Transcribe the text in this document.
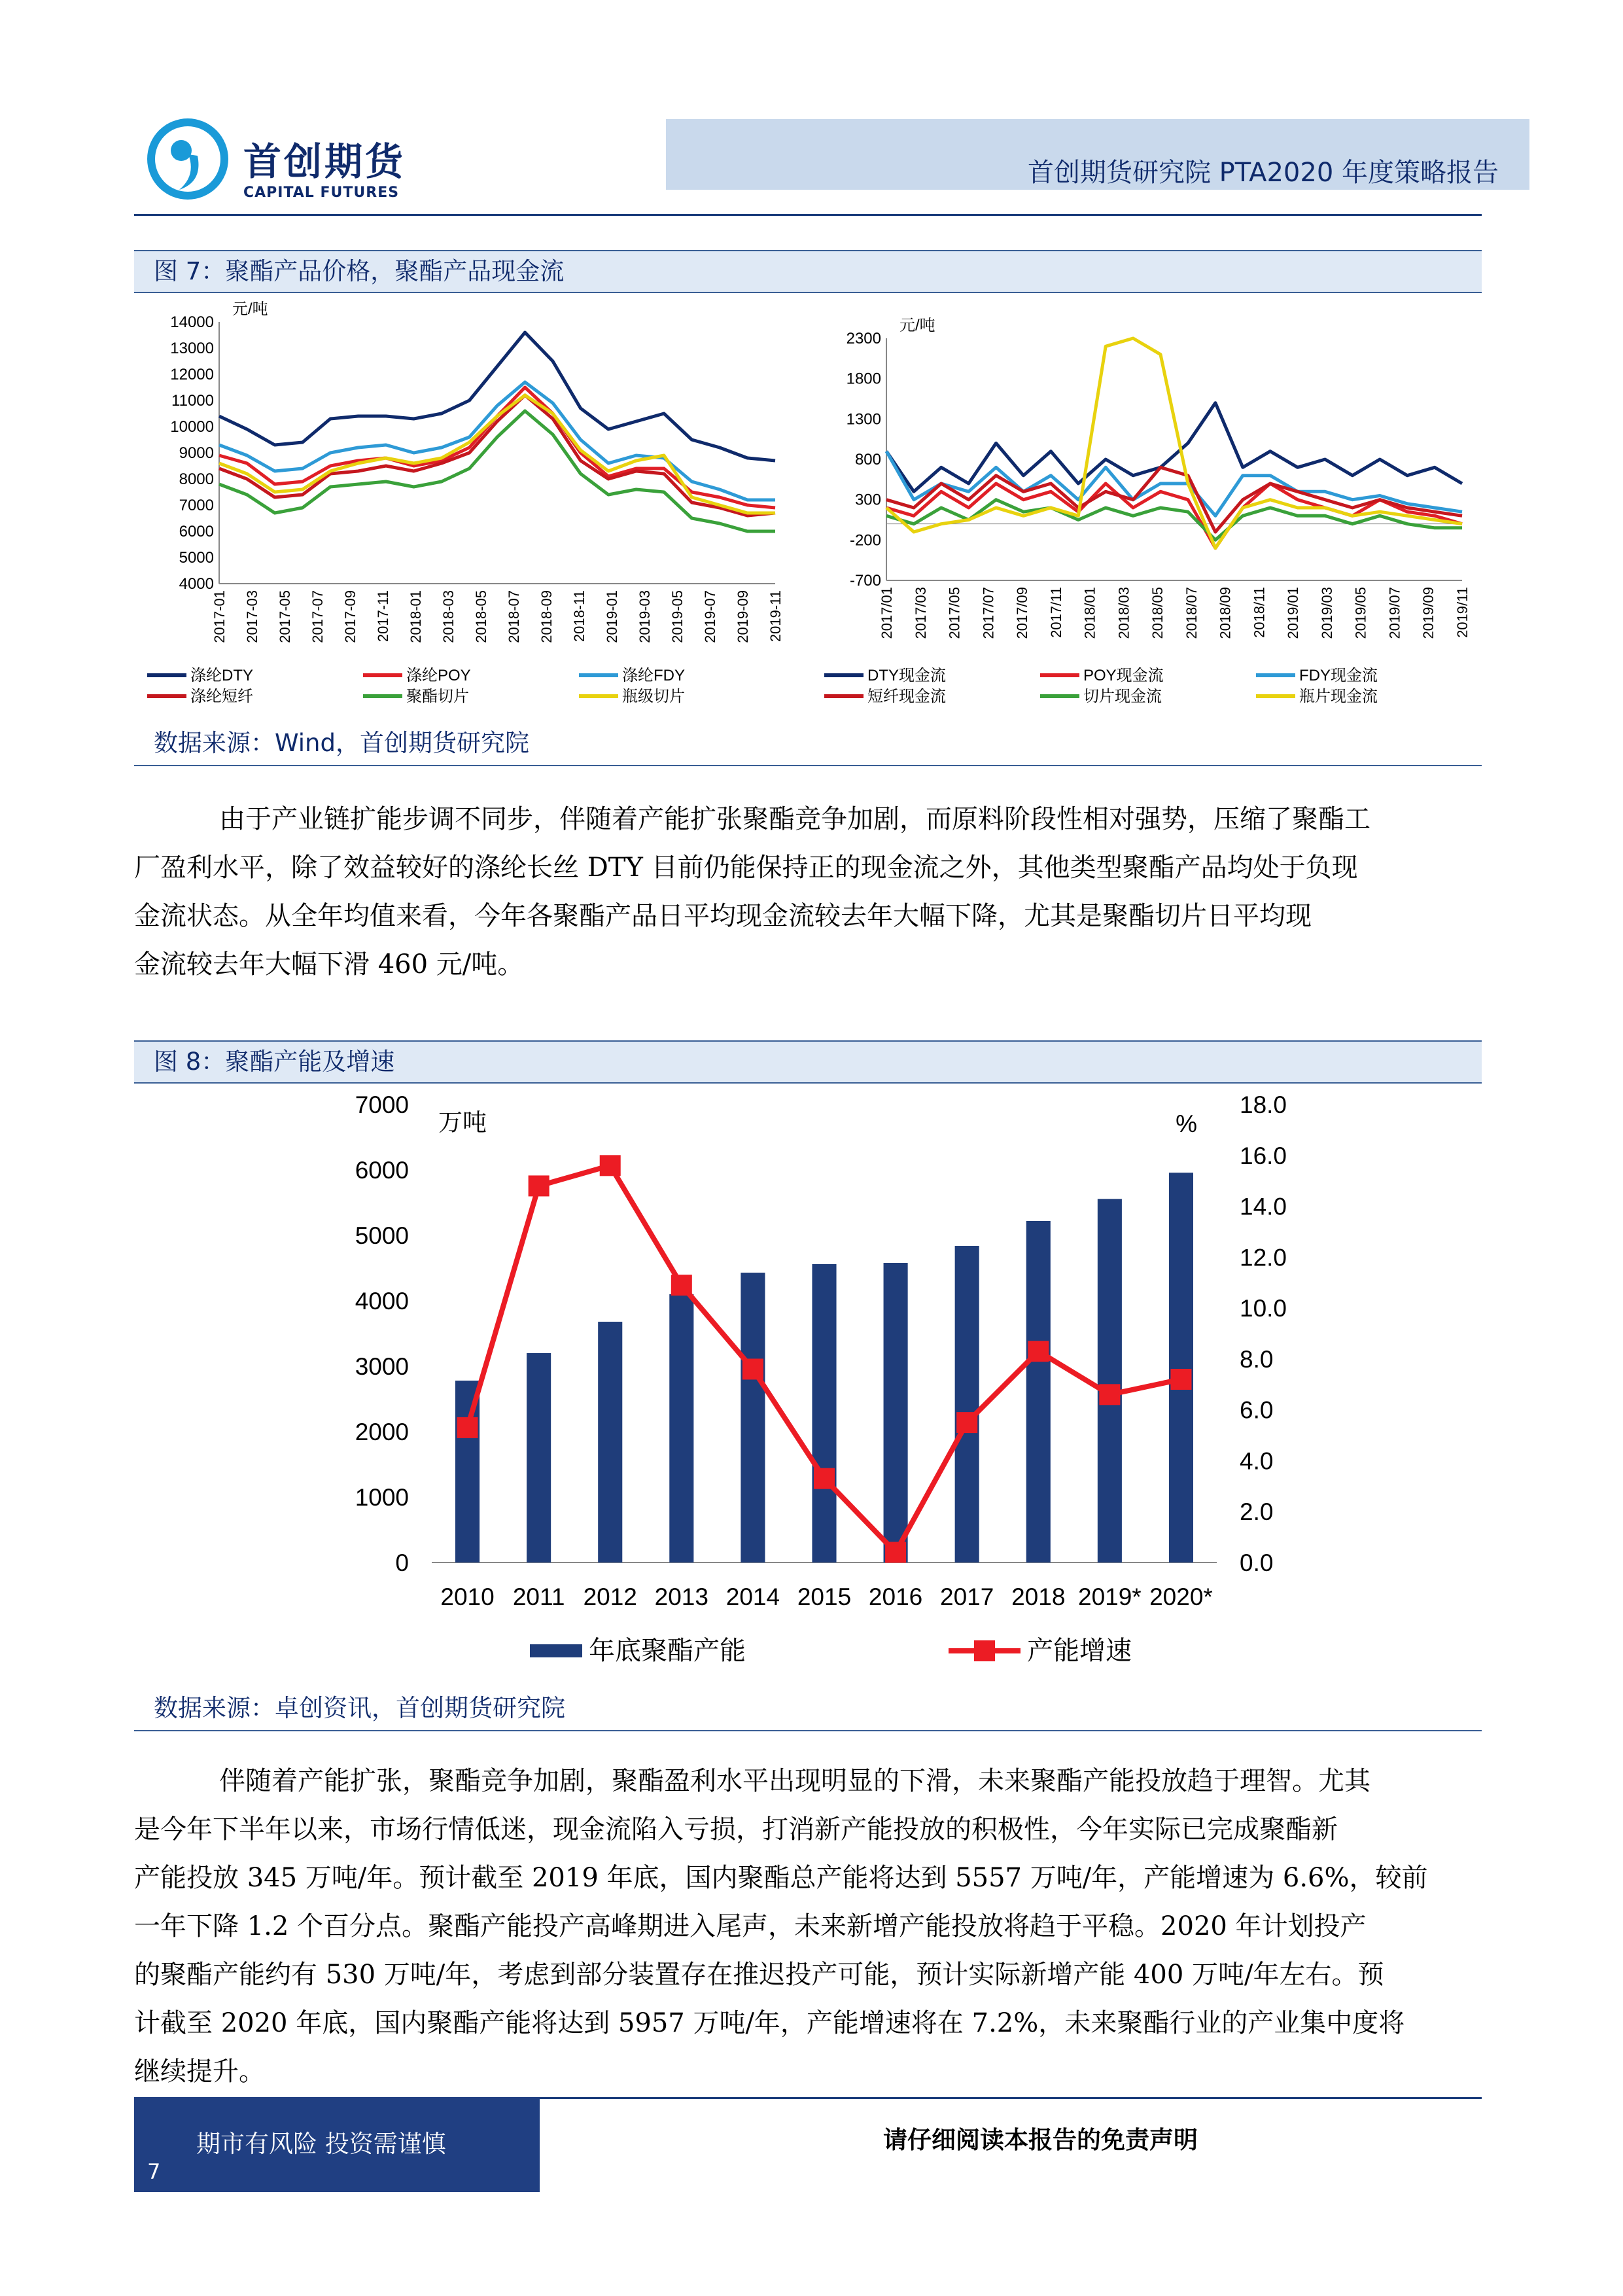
首创期货
CAPITAL FUTURES
首创期货研究院 PTA2020 年度策略报告
图 7：聚酯产品价格，聚酯产品现金流
4000
5000
6000
7000
8000
9000
10000
11000
12000
13000
14000
元/吨
2017-01 2017-03 2017-05 2017-07 2017-09 2017-11 2018-01 2018-03 2018-05 2018-07 2018-09 2018-11 2019-01 2019-03 2019-05 2019-07 2019-09 2019-11
涤纶DTY	涤纶POY	涤纶FDY
涤纶短纤	聚酯切片	瓶级切片
-700
-200
300
800
1300
1800
2300
元/吨
2017/01 2017/03 2017/05 2017/07 2017/09 2017/11 2018/01 2018/03 2018/05 2018/07 2018/09 2018/11 2019/01 2019/03 2019/05 2019/07 2019/09 2019/11
DTY现金流	POY现金流	FDY现金流
短纤现金流	切片现金流	瓶片现金流
数据来源：Wind，首创期货研究院
由于产业链扩能步调不同步，伴随着产能扩张聚酯竞争加剧，而原料阶段性相对强势，压缩了聚酯工
厂盈利水平，除了效益较好的涤纶长丝 DTY 目前仍能保持正的现金流之外，其他类型聚酯产品均处于负现
金流状态。从全年均值来看，今年各聚酯产品日平均现金流较去年大幅下降，尤其是聚酯切片日平均现
金流较去年大幅下滑 460 元/吨。
图 8：聚酯产能及增速
0
1000
2000
3000
4000
5000
6000
7000
0.0
2.0
4.0
6.0
8.0
10.0
12.0
14.0
16.0
18.0
万吨	%
2010 2011 2012 2013 2014 2015 2016 2017 2018 2019* 2020*
年底聚酯产能	产能增速
数据来源：卓创资讯，首创期货研究院
伴随着产能扩张，聚酯竞争加剧，聚酯盈利水平出现明显的下滑，未来聚酯产能投放趋于理智。尤其
是今年下半年以来，市场行情低迷，现金流陷入亏损，打消新产能投放的积极性，今年实际已完成聚酯新
产能投放 345 万吨/年。预计截至 2019 年底，国内聚酯总产能将达到 5557 万吨/年，产能增速为 6.6%，较前
一年下降 1.2 个百分点。聚酯产能投产高峰期进入尾声，未来新增产能投放将趋于平稳。2020 年计划投产
的聚酯产能约有 530 万吨/年，考虑到部分装置存在推迟投产可能，预计实际新增产能 400 万吨/年左右。预
计截至 2020 年底，国内聚酯产能将达到 5957 万吨/年，产能增速将在 7.2%，未来聚酯行业的产业集中度将
继续提升。
期市有风险 投资需谨慎
7
请仔细阅读本报告的免责声明
